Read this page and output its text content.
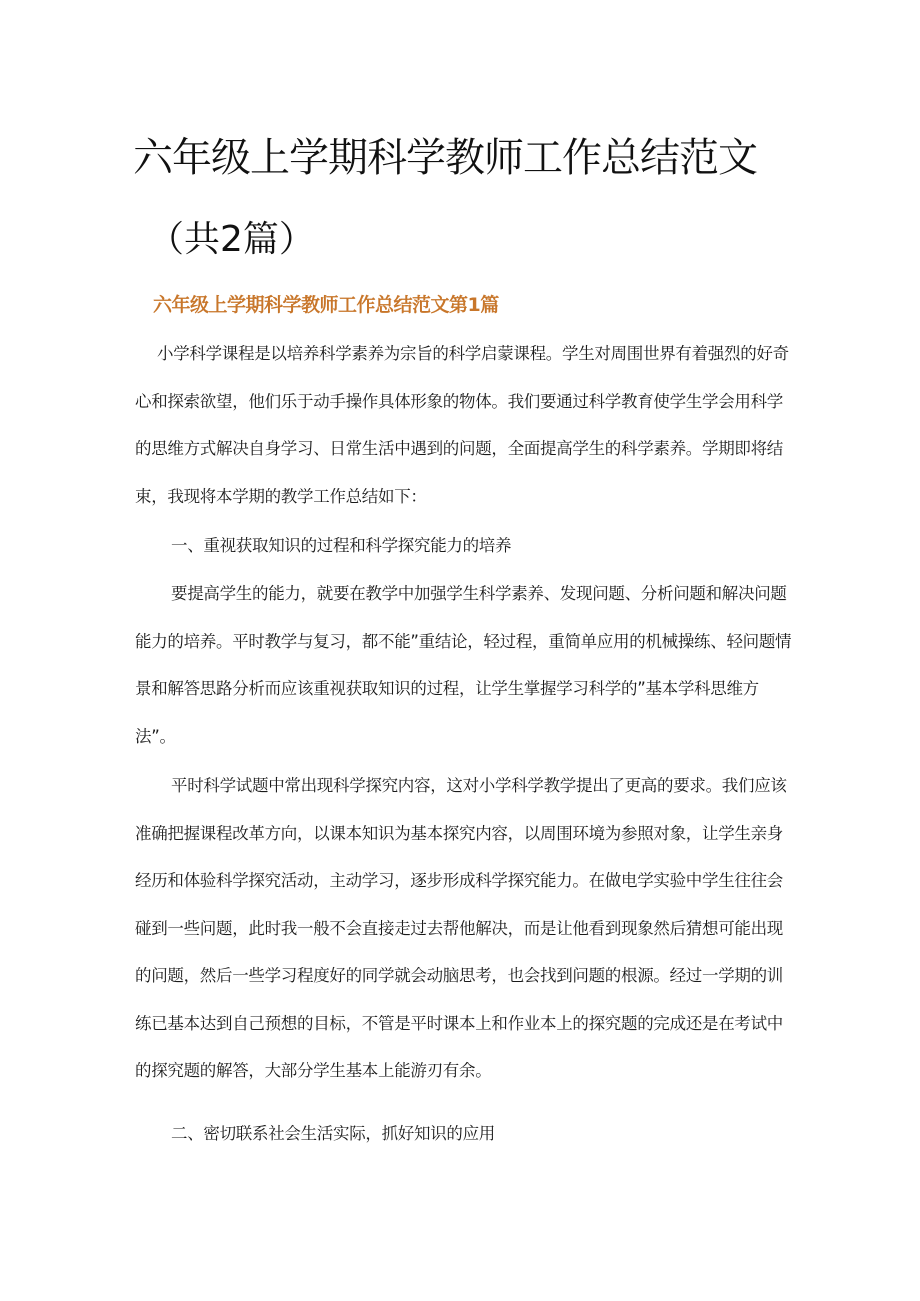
六年级上学期科学教师工作总结范文
（共2篇）
六年级上学期科学教师工作总结范文第1篇

小学科学课程是以培养科学素养为宗旨的科学启蒙课程。学生对周围世界有着强烈的好奇心和探索欲望，他们乐于动手操作具体形象的物体。我们要通过科学教育使学生学会用科学的思维方式解决自身学习、日常生活中遇到的问题，全面提高学生的科学素养。学期即将结束，我现将本学期的教学工作总结如下：

一、重视获取知识的过程和科学探究能力的培养

要提高学生的能力，就要在教学中加强学生科学素养、发现问题、分析问题和解决问题能力的培养。平时教学与复习，都不能”重结论，轻过程，重简单应用的机械操练、轻问题情景和解答思路分析而应该重视获取知识的过程，让学生掌握学习科学的”基本学科思维方法”。

平时科学试题中常出现科学探究内容，这对小学科学教学提出了更高的要求。我们应该准确把握课程改革方向，以课本知识为基本探究内容，以周围环境为参照对象，让学生亲身经历和体验科学探究活动，主动学习，逐步形成科学探究能力。在做电学实验中学生往往会碰到一些问题，此时我一般不会直接走过去帮他解决，而是让他看到现象然后猜想可能出现的问题，然后一些学习程度好的同学就会动脑思考，也会找到问题的根源。经过一学期的训练已基本达到自己预想的目标，不管是平时课本上和作业本上的探究题的完成还是在考试中的探究题的解答，大部分学生基本上能游刃有余。

二、密切联系社会生活实际，抓好知识的应用
